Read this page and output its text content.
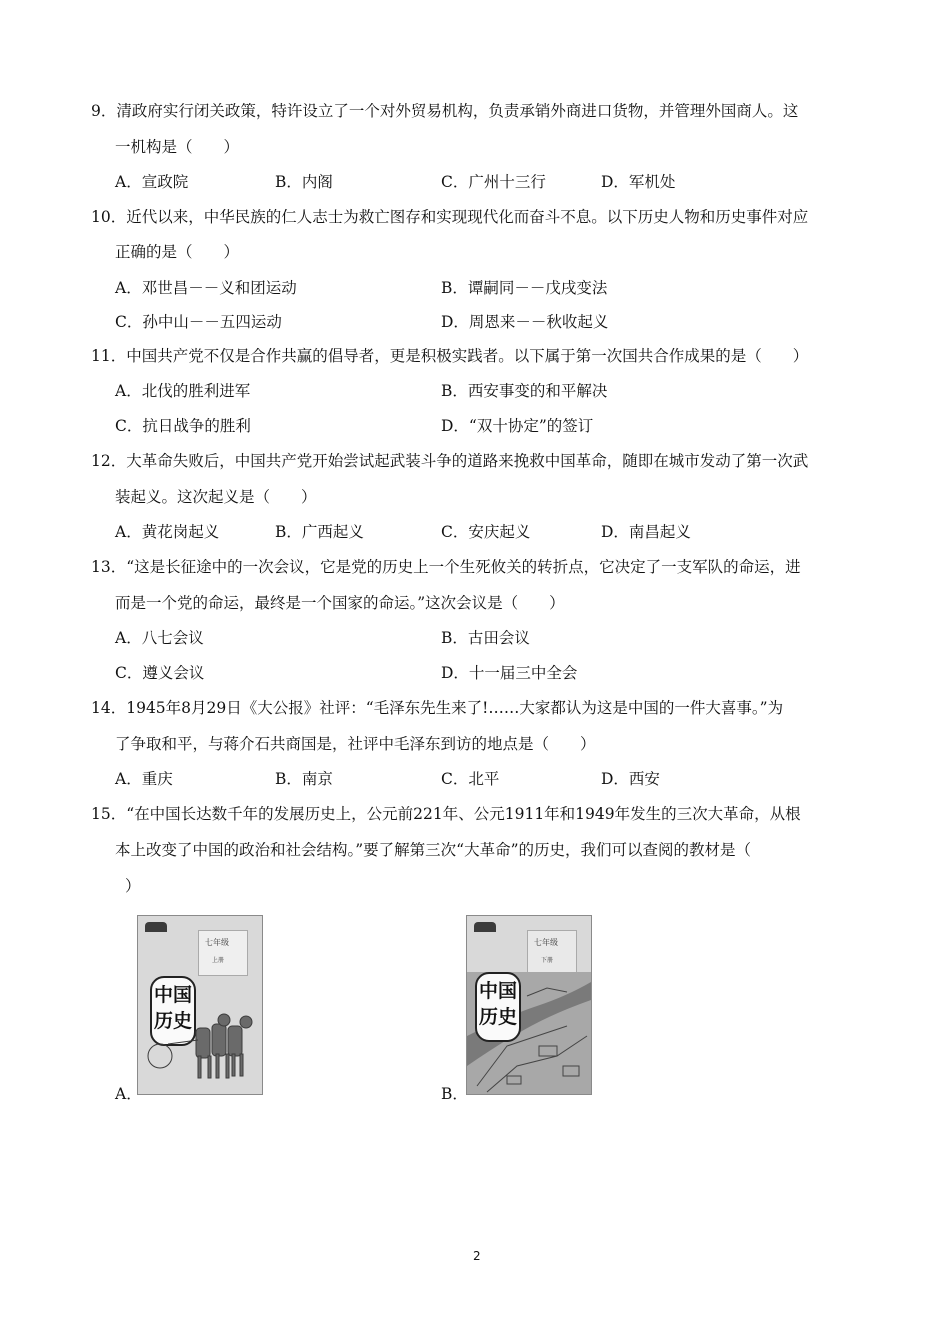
9．清政府实行闭关政策，特许设立了一个对外贸易机构，负责承销外商进口货物，并管理外国商人。这
一机构是（　　）
A．宣政院	B．内阁	C．广州十三行	D．军机处
10．近代以来，中华民族的仁人志士为救亡图存和实现现代化而奋斗不息。以下历史人物和历史事件对应
正确的是（　　）
A．邓世昌－－义和团运动	B．谭嗣同－－戊戌变法
C．孙中山－－五四运动	D．周恩来－－秋收起义
11．中国共产党不仅是合作共赢的倡导者，更是积极实践者。以下属于第一次国共合作成果的是（　　）
A．北伐的胜利进军	B．西安事变的和平解决
C．抗日战争的胜利	D．“双十协定”的签订
12．大革命失败后，中国共产党开始尝试起武装斗争的道路来挽救中国革命，随即在城市发动了第一次武
装起义。这次起义是（　　）
A．黄花岗起义	B．广西起义	C．安庆起义	D．南昌起义
13．“这是长征途中的一次会议，它是党的历史上一个生死攸关的转折点，它决定了一支军队的命运，进
而是一个党的命运，最终是一个国家的命运。”这次会议是（　　）
A．八七会议	B．古田会议
C．遵义会议	D．十一届三中全会
14．1945年8月29日《大公报》社评：“毛泽东先生来了!……大家都认为这是中国的一件大喜事。”为
了争取和平，与蒋介石共商国是，社评中毛泽东到访的地点是（　　）
A．重庆	B．南京	C．北平	D．西安
15．“在中国长达数千年的发展历史上，公元前221年、公元1911年和1949年发生的三次大革命，从根
本上改变了中国的政治和社会结构。”要了解第三次“大革命”的历史，我们可以查阅的教材是（
）
七年级
上册
中国
历史
A．
七年级
下册
中国
历史
B．
2
